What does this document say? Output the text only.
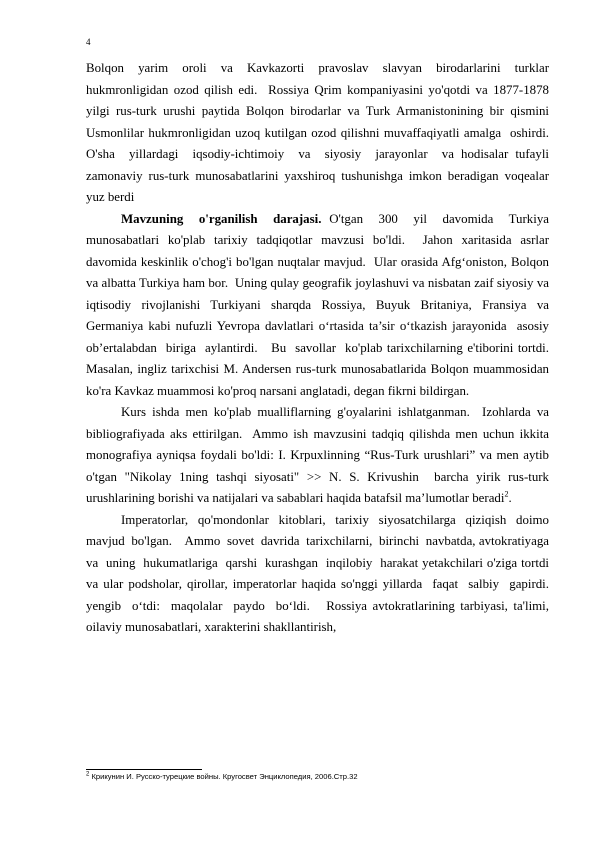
4

Bolqon  yarim  oroli  va  Kavkazorti  pravoslav  slavyan  birodarlarini  turklar hukmronligidan ozod qilish edi.  Rossiya Qrim kompaniyasini yo'qotdi va 1877-1878 yilgi rus-turk urushi paytida Bolqon birodarlar va Turk Armanistonining bir qismini Usmonlilar hukmronligidan uzoq kutilgan ozod qilishni muvaffaqiyatli amalga  oshirdi.   O'sha  yillardagi  iqsodiy-ichtimoiy  va  siyosiy  jarayonlar  va hodisalar tufayli zamonaviy rus-turk munosabatlarini yaxshiroq tushunishga imkon beradigan voqealar yuz berdi

Mavzuning  o'rganilish  darajasi. O'tgan  300  yil  davomida  Turkiya munosabatlari ko'plab tarixiy tadqiqotlar mavzusi bo'ldi.  Jahon xaritasida asrlar davomida keskinlik o'chog'i bo'lgan nuqtalar mavjud.  Ular orasida Afg‘oniston, Bolqon va albatta Turkiya ham bor.  Uning qulay geografik joylashuvi va nisbatan zaif siyosiy va iqtisodiy rivojlanishi Turkiyani sharqda Rossiya, Buyuk Britaniya, Fransiya va Germaniya kabi nufuzli Yevropa davlatlari o‘rtasida ta’sir o‘tkazish jarayonida  asosiy  ob’ertalabdan  biriga  aylantirdi.   Bu  savollar  ko'plab tarixchilarning e'tiborini tortdi.  Masalan, ingliz tarixchisi M. Andersen rus-turk munosabatlarida Bolqon muammosidan ko'ra Kavkaz muammosi ko'proq narsani anglatadi, degan fikrni bildirgan.

Kurs ishda men ko'plab mualliflarning g'oyalarini ishlatganman.  Izohlarda va bibliografiyada aks ettirilgan.  Ammo ish mavzusini tadqiq qilishda men uchun ikkita monografiya ayniqsa foydali bo'ldi: I. Krpuxlinning “Rus-Turk urushlari” va men aytib o'tgan "Nikolay 1ning tashqi siyosati" >> N. S. Krivushin  barcha yirik rus-turk urushlarining borishi va natijalari va sabablari haqida batafsil ma’lumotlar beradi$^2$.

Imperatorlar, qo'mondonlar kitoblari, tarixiy siyosatchilarga qiziqish doimo mavjud  bo'lgan.    Ammo  sovet  davrida  tarixchilarni,  birinchi  navbatda, avtokratiyaga  va  uning  hukumatlariga  qarshi  kurashgan  inqilobiy  harakat yetakchilari o'ziga tortdi va ular podsholar, qirollar, imperatorlar haqida so'nggi yillarda  faqat  salbiy  gapirdi.  yengib  o‘tdi:  maqolalar  paydo  bo‘ldi.   Rossiya avtokratlarining tarbiyasi, ta'limi, oilaviy munosabatlari, xarakterini shakllantirish,

$^2$ Крикунин И. Русско-турецкие войны. Кругосвет Энциклопедия, 2006.Стр.32
